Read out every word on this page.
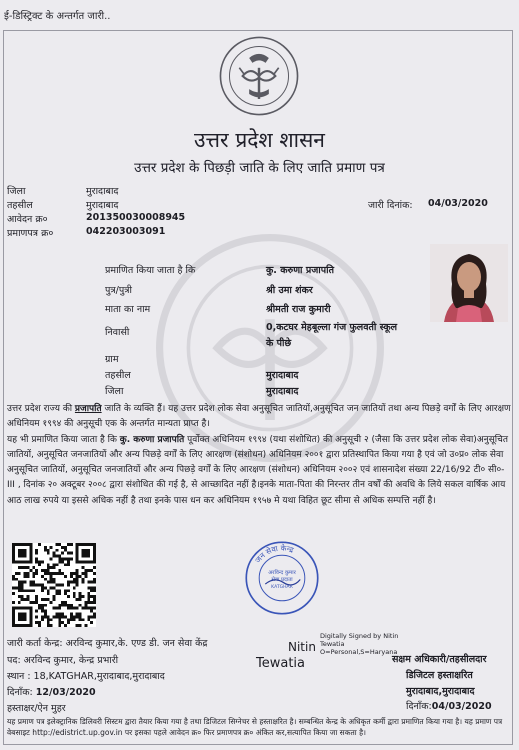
ई-डिस्ट्रिक्ट के अन्तर्गत जारी..
उत्तर प्रदेश शासन
उत्तर प्रदेश के पिछड़ी जाति के लिए जाति प्रमाण पत्र
जिला	मुरादाबाद
तहसील	मुरादाबाद
आवेदन क्र०	201350030008945
प्रमाणपत्र क्र०	042203003091
जारी दिनांक: 04/03/2020
प्रमाणित किया जाता है कि	कु. करुणा प्रजापति
पुत्र/पुत्री	श्री उमा शंकर
माता का नाम	श्रीमती राज कुमारी
निवासी	0,कटघर मेहबूल्ला गंज फुलवती स्कूल
के पीछे
ग्राम
तहसील	मुरादाबाद
जिला	मुरादाबाद

उत्तर प्रदेश राज्य की प्रजापति जाति के व्यक्ति हैं। यह उत्तर प्रदेश लोक सेवा अनुसूचित जातियों,अनुसूचित जन जातियों तथा अन्य पिछड़े वर्गों के लिए आरक्षण अधिनियम १९९४ की अनुसूची एक के अन्तर्गत मान्यता प्राप्त है।

यह भी प्रमाणित किया जाता है कि कु. करुणा प्रजापति पूर्वोक्त अधिनियम १९९४ (यथा संशोधित) की अनुसूची २ (जैसा कि उत्तर प्रदेश लोक सेवा)अनुसूचित जातियों, अनुसूचित जनजातियों और अन्य पिछड़े वर्गों के लिए आरक्षण (संशोधन) अधिनियम २००१ द्वारा प्रतिस्थापित किया गया है एवं जो उ०प्र० लोक सेवा अनुसूचित जातियों, अनुसूचित जनजातियों और अन्य पिछड़े वर्गों के लिए आरक्षण (संशोधन) अधिनियम २००२ एवं शासनादेश संख्या 22/16/92 टी० सी०-III , दिनांक २० अक्टूबर २००८ द्वारा संशोधित की गई है, से आच्छादित नहीं है।इनके माता-पिता की निरन्तर तीन वर्षों की अवधि के लिये सकल वार्षिक आय आठ लाख रुपये या इससे अधिक नहीं है तथा इनके पास धन कर अधिनियम १९५७ मे यथा विहित छूट सीमा से अधिक सम्पत्ति नहीं है।

जन सेवा केन्द्र
अरविन्द कुमार
सेवा प्रदाता
KATGHAR
Nitin
Digitally Signed by Nitin
Tewatia
O=Personal,S=Haryana
Tewatia
जारी कर्ता केन्द्र: अरविन्द कुमार,के. एण्ड डी. जन सेवा केंद्र
पद: अरविन्द कुमार, केन्द्र प्रभारी
स्थान : 18,KATGHAR,मुरादाबाद,मुरादाबाद
दिनाँक: 12/03/2020
हस्ताक्षर/ऐन मुहर
सक्षम अधिकारी/तहसीलदार
डिजिटल हस्ताक्षरित
मुरादाबाद,मुरादाबाद
दिनाँक:04/03/2020
यह प्रमाण पत्र इलेक्ट्रानिक डिलिवरी सिस्टम द्वारा तैयार किया गया है तथा डिजिटल सिग्नेचर से हस्ताक्षरित है। सम्बन्धित केन्द्र के अधिकृत कर्मी द्वारा प्रमाणित किया गया है। यह प्रमाण पत्र वेबसाइट http://edistrict.up.gov.in पर इसका पहले आवेदन क्र० फिर प्रमाणपत्र क्र० अंकित कर,सत्यापित किया जा सकता है।
